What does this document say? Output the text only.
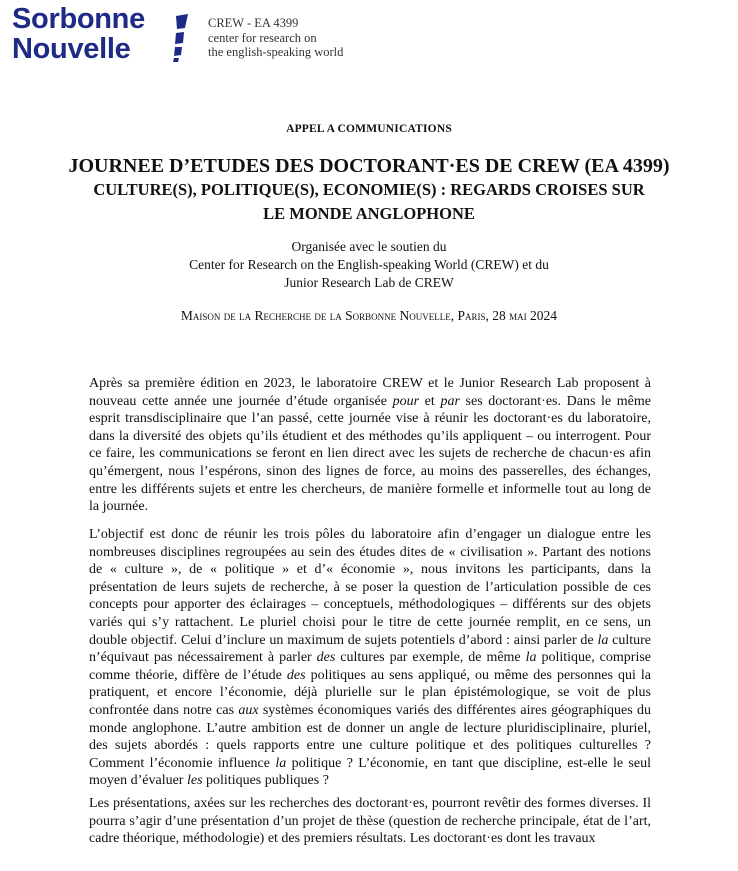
Sorbonne
Nouvelle
CREW - EA 4399
center for research on
the english-speaking world
APPEL A COMMUNICATIONS
JOURNEE D’ETUDES DES DOCTORANT·ES DE CREW (EA 4399)
CULTURE(S), POLITIQUE(S), ECONOMIE(S) : REGARDS CROISES SUR
LE MONDE ANGLOPHONE
Organisée avec le soutien du
Center for Research on the English-speaking World (CREW) et du
Junior Research Lab de CREW
Maison de la Recherche de la Sorbonne Nouvelle, Paris, 28 mai 2024

Après sa première édition en 2023, le laboratoire CREW et le Junior Research Lab proposent à nouveau cette année une journée d’étude organisée pour et par ses doctorant·es. Dans le même esprit transdisciplinaire que l’an passé, cette journée vise à réunir les doctorant·es du laboratoire, dans la diversité des objets qu’ils étudient et des méthodes qu’ils appliquent – ou interrogent. Pour ce faire, les communications se feront en lien direct avec les sujets de recherche de chacun·es afin qu’émergent, nous l’espérons, sinon des lignes de force, au moins des passerelles, des échanges, entre les différents sujets et entre les chercheurs, de manière formelle et informelle tout au long de la journée.

L’objectif est donc de réunir les trois pôles du laboratoire afin d’engager un dialogue entre les nombreuses disciplines regroupées au sein des études dites de « civilisation ». Partant des notions de « culture », de « politique » et d’« économie », nous invitons les participants, dans la présentation de leurs sujets de recherche, à se poser la question de l’articulation possible de ces concepts pour apporter des éclairages – conceptuels, méthodologiques – différents sur des objets variés qui s’y rattachent. Le pluriel choisi pour le titre de cette journée remplit, en ce sens, un double objectif. Celui d’inclure un maximum de sujets potentiels d’abord : ainsi parler de la culture n’équivaut pas nécessairement à parler des cultures par exemple, de même la politique, comprise comme théorie, diffère de l’étude des politiques au sens appliqué, ou même des personnes qui la pratiquent, et encore l’économie, déjà plurielle sur le plan épistémologique, se voit de plus confrontée dans notre cas aux systèmes économiques variés des différentes aires géographiques du monde anglophone. L’autre ambition est de donner un angle de lecture pluridisciplinaire, pluriel, des sujets abordés : quels rapports entre une culture politique et des politiques culturelles ? Comment l’économie influence la politique ? L’économie, en tant que discipline, est-elle le seul moyen d’évaluer les politiques publiques ?

Les présentations, axées sur les recherches des doctorant·es, pourront revêtir des formes diverses. Il pourra s’agir d’une présentation d’un projet de thèse (question de recherche principale, état de l’art, cadre théorique, méthodologie) et des premiers résultats. Les doctorant·es dont les travaux
